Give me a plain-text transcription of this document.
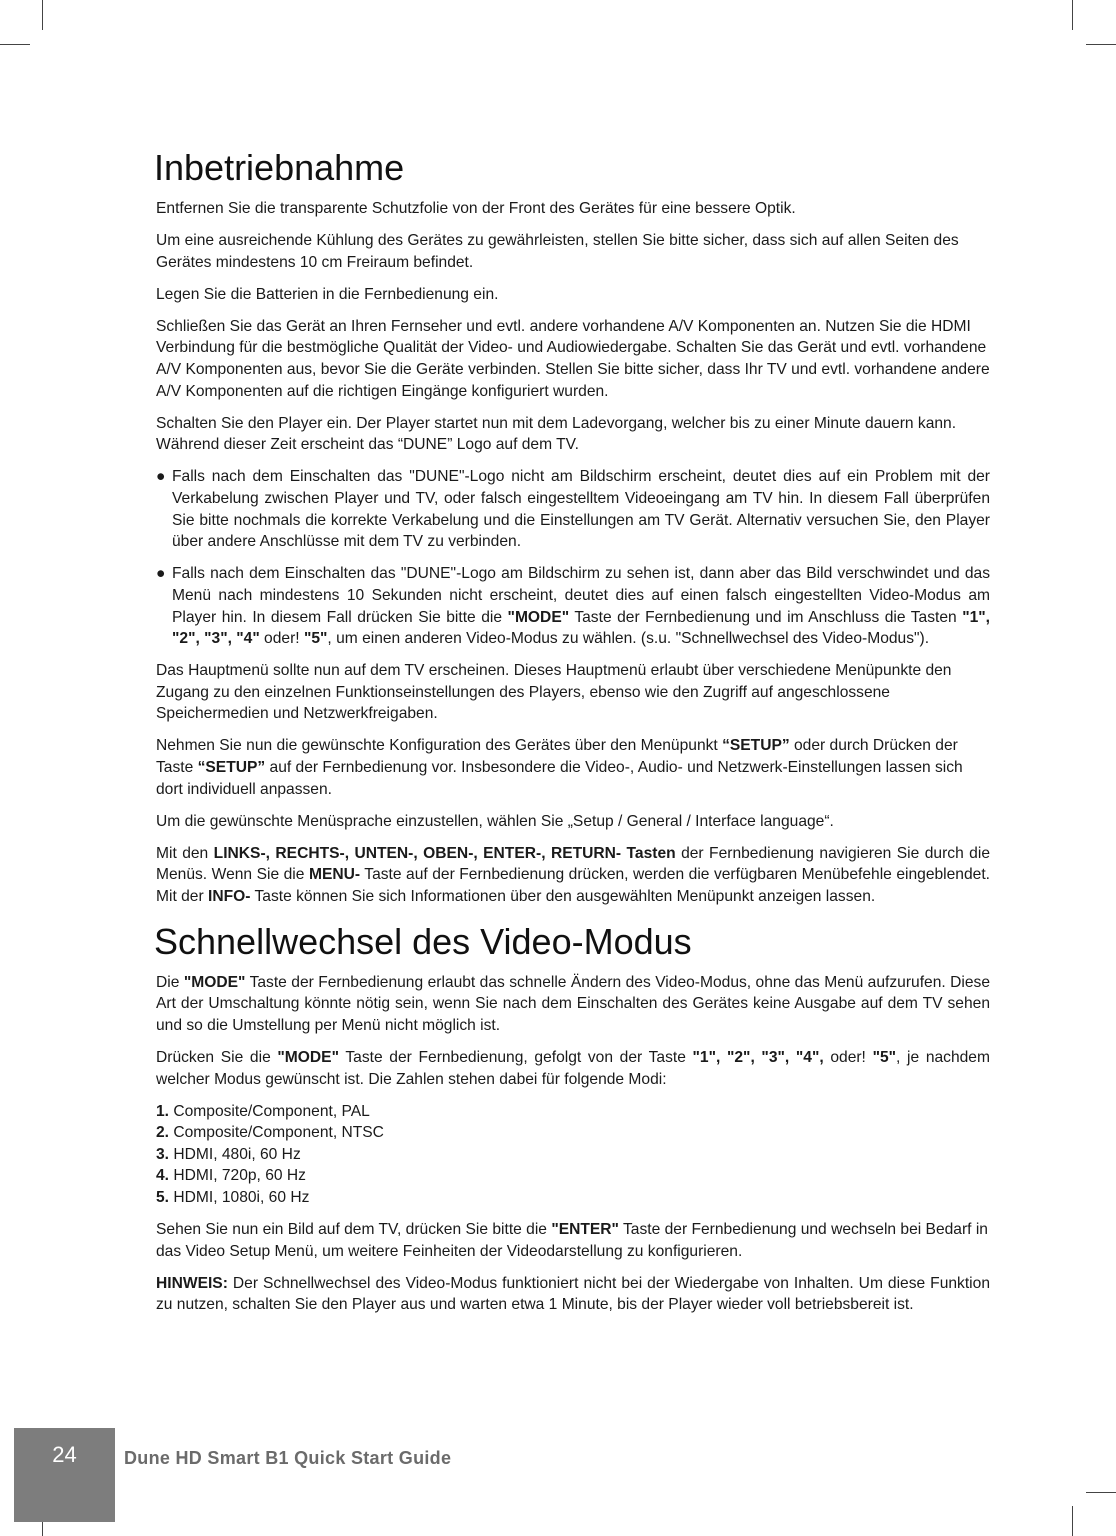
Inbetriebnahme

Entfernen Sie die transparente Schutzfolie von der Front des Gerätes für eine bessere Optik.

Um eine ausreichende Kühlung des Gerätes zu gewährleisten, stellen Sie bitte sicher, dass sich auf allen Seiten des Gerätes mindestens 10 cm Freiraum befindet.

Legen Sie die Batterien in die Fernbedienung ein.

Schließen Sie das Gerät an Ihren Fernseher und evtl. andere vorhandene A/V Komponenten an. Nutzen Sie die HDMI Verbindung für die bestmögliche Qualität der Video- und Audiowiedergabe. Schalten Sie das Gerät und evtl. vorhandene A/V Komponenten aus, bevor Sie die Geräte verbinden. Stellen Sie bitte sicher, dass Ihr TV und evtl. vorhandene andere A/V Komponenten auf die richtigen Eingänge konfiguriert wurden.

Schalten Sie den Player ein. Der Player startet nun mit dem Ladevorgang, welcher bis zu einer Minute dauern kann. Während dieser Zeit erscheint das “DUNE” Logo auf dem TV.

● Falls nach dem Einschalten das "DUNE"-Logo nicht am Bildschirm erscheint, deutet dies auf ein Problem mit der Verkabelung zwischen Player und TV, oder falsch eingestelltem Videoeingang am TV hin. In diesem Fall überprüfen Sie bitte nochmals die korrekte Verkabelung und die Einstellungen am TV Gerät. Alternativ versuchen Sie, den Player über andere Anschlüsse mit dem TV zu verbinden.

● Falls nach dem Einschalten das "DUNE"-Logo am Bildschirm zu sehen ist, dann aber das Bild verschwindet und das Menü nach mindestens 10 Sekunden nicht erscheint, deutet dies auf einen falsch eingestellten Video-Modus am Player hin. In diesem Fall drücken Sie bitte die "MODE" Taste der Fernbedienung und im Anschluss die Tasten "1", "2", "3", "4" oder! "5", um einen anderen Video-Modus zu wählen. (s.u. "Schnellwechsel des Video-Modus").

Das Hauptmenü sollte nun auf dem TV erscheinen. Dieses Hauptmenü erlaubt über verschiedene Menüpunkte den Zugang zu den einzelnen Funktionseinstellungen des Players, ebenso wie den Zugriff auf angeschlossene Speichermedien und Netzwerkfreigaben.

Nehmen Sie nun die gewünschte Konfiguration des Gerätes über den Menüpunkt “SETUP” oder durch Drücken der Taste “SETUP” auf der Fernbedienung vor. Insbesondere die Video-, Audio- und Netzwerk-Einstellungen lassen sich dort individuell anpassen.

Um die gewünschte Menüsprache einzustellen, wählen Sie „Setup / General / Interface language“.

Mit den LINKS-, RECHTS-, UNTEN-, OBEN-, ENTER-, RETURN- Tasten der Fernbedienung navigieren Sie durch die Menüs. Wenn Sie die MENU- Taste auf der Fernbedienung drücken, werden die verfügbaren Menübefehle eingeblendet. Mit der INFO- Taste können Sie sich Informationen über den ausgewählten Menüpunkt anzeigen lassen.

Schnellwechsel des Video-Modus

Die "MODE" Taste der Fernbedienung erlaubt das schnelle Ändern des Video-Modus, ohne das Menü aufzurufen. Diese Art der Umschaltung könnte nötig sein, wenn Sie nach dem Einschalten des Gerätes keine Ausgabe auf dem TV sehen und so die Umstellung per Menü nicht möglich ist.

Drücken Sie die "MODE" Taste der Fernbedienung, gefolgt von der Taste "1", "2", "3", "4", oder! "5", je nachdem welcher Modus gewünscht ist. Die Zahlen stehen dabei für folgende Modi:

1. Composite/Component, PAL
2. Composite/Component, NTSC
3. HDMI, 480i, 60 Hz
4. HDMI, 720p, 60 Hz
5. HDMI, 1080i, 60 Hz

Sehen Sie nun ein Bild auf dem TV, drücken Sie bitte die "ENTER" Taste der Fernbedienung und wechseln bei Bedarf in das Video Setup Menü, um weitere Feinheiten der Videodarstellung zu konfigurieren.

HINWEIS: Der Schnellwechsel des Video-Modus funktioniert nicht bei der Wiedergabe von Inhalten. Um diese Funktion zu nutzen, schalten Sie den Player aus und warten etwa 1 Minute, bis der Player wieder voll betriebsbereit ist.

24	Dune HD Smart B1 Quick Start Guide
